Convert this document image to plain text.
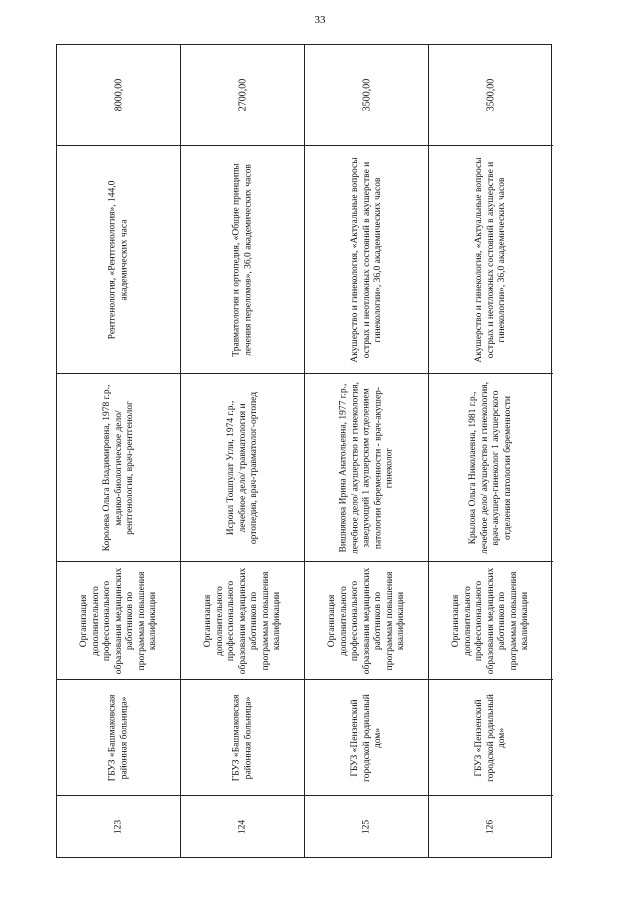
33
8000,00
Рентгенология, «Рентгенология», 144,0 академических часа
Королева Ольга Владимировна, 1978 г.р., медико-биологическое дело/рентгенология, врач-рентгенолог
Организация дополнительного профессионального образования медицинских работников по программам повышения квалификации
ГБУЗ «Башмаковская районная больница»
123
2700,00
Травматология и ортопедия, «Общие принципы лечения переломов», 36,0 академических часов
Исроил Тошпулат Угли, 1974 г.р., лечебное дело/ травматология и ортопедия, врач-травматолог-ортопед
Организация дополнительного профессионального образования медицинских работников по программам повышения квалификации
ГБУЗ «Башмаковская районная больница»
124
3500,00
Акушерство и гинекология, «Актуальные вопросы острых и неотложных состояний в акушерстве и гинекологии», 36,0 академических часов
Вишнякова Ирина Анатольевна, 1977 г.р., лечебное дело/ акушерство и гинекология, заведующий 1 акушерским отделением патологии беременности - врач-акушер-гинеколог
Организация дополнительного профессионального образования медицинских работников по программам повышения квалификации
ГБУЗ «Пензенский городской родильный дом»
125
3500,00
Акушерство и гинекология, «Актуальные вопросы острых и неотложных состояний в акушерстве и гинекологии», 36,0 академических часов
Крылова Ольга Николаевна, 1981 г.р., лечебное дело/ акушерство и гинекология, врач-акушер-гинеколог 1 акушерского отделения патологии беременности
Организация дополнительного профессионального образования медицинских работников по программам повышения квалификации
ГБУЗ «Пензенский городской родильный дом»
126
